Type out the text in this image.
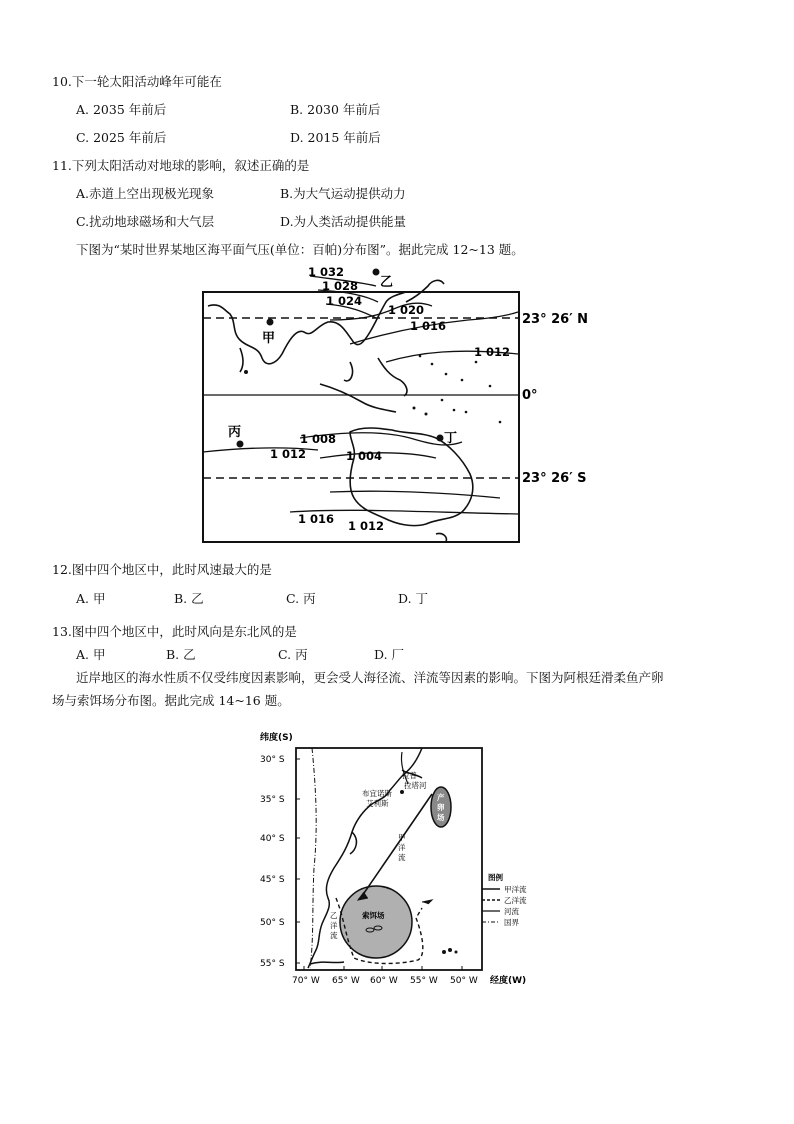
10.下一轮太阳活动峰年可能在
A. 2035 年前后	B. 2030 年前后
C. 2025 年前后	D. 2015 年前后
11.下列太阳活动对地球的影响，叙述正确的是
A.赤道上空出现极光现象	B.为大气运动提供动力
C.扰动地球磁场和大气层	D.为人类活动提供能量
下图为“某时世界某地区海平面气压(单位：百帕)分布图”。据此完成 12~13 题。
1 032
1 028
1 024
1 020
1 016
1 012
1 008
1 004
1 012
1 016 1 012
甲
乙
丙	丁
23° 26′ N
0°
23° 26′ S
12.图中四个地区中，此时风速最大的是
A. 甲	B. 乙	C. 丙	D. 丁
13.图中四个地区中，此时风向是东北风的是
A. 甲	B. 乙	C. 丙	D. 厂
近岸地区的海水性质不仅受纬度因素影响，更会受人海径流、洋流等因素的影响。下图为阿根廷滑柔鱼产卵
场与索饵场分布图。据此完成 14~16 题。
纬度(S)
30° S
35° S
40° S
45° S
50° S
55° S
70° W 65° W 60° W 55° W 50° W 经度(W)
产
卵
场
索饵场
甲
洋
流
乙
洋
流
拉普
拉塔河
布宜诺斯
艾利斯
图例
甲洋流
乙洋流
河流
国界
